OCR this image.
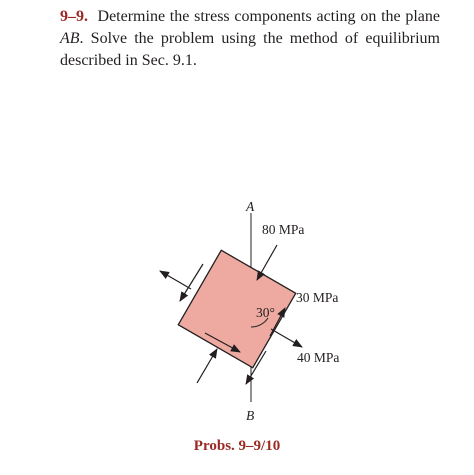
9–9. Determine the stress components acting on the plane
AB. Solve the problem using the method of equilibrium
described in Sec. 9.1.
A
B
80 MPa
30 MPa
40 MPa
30°
Probs. 9–9/10
